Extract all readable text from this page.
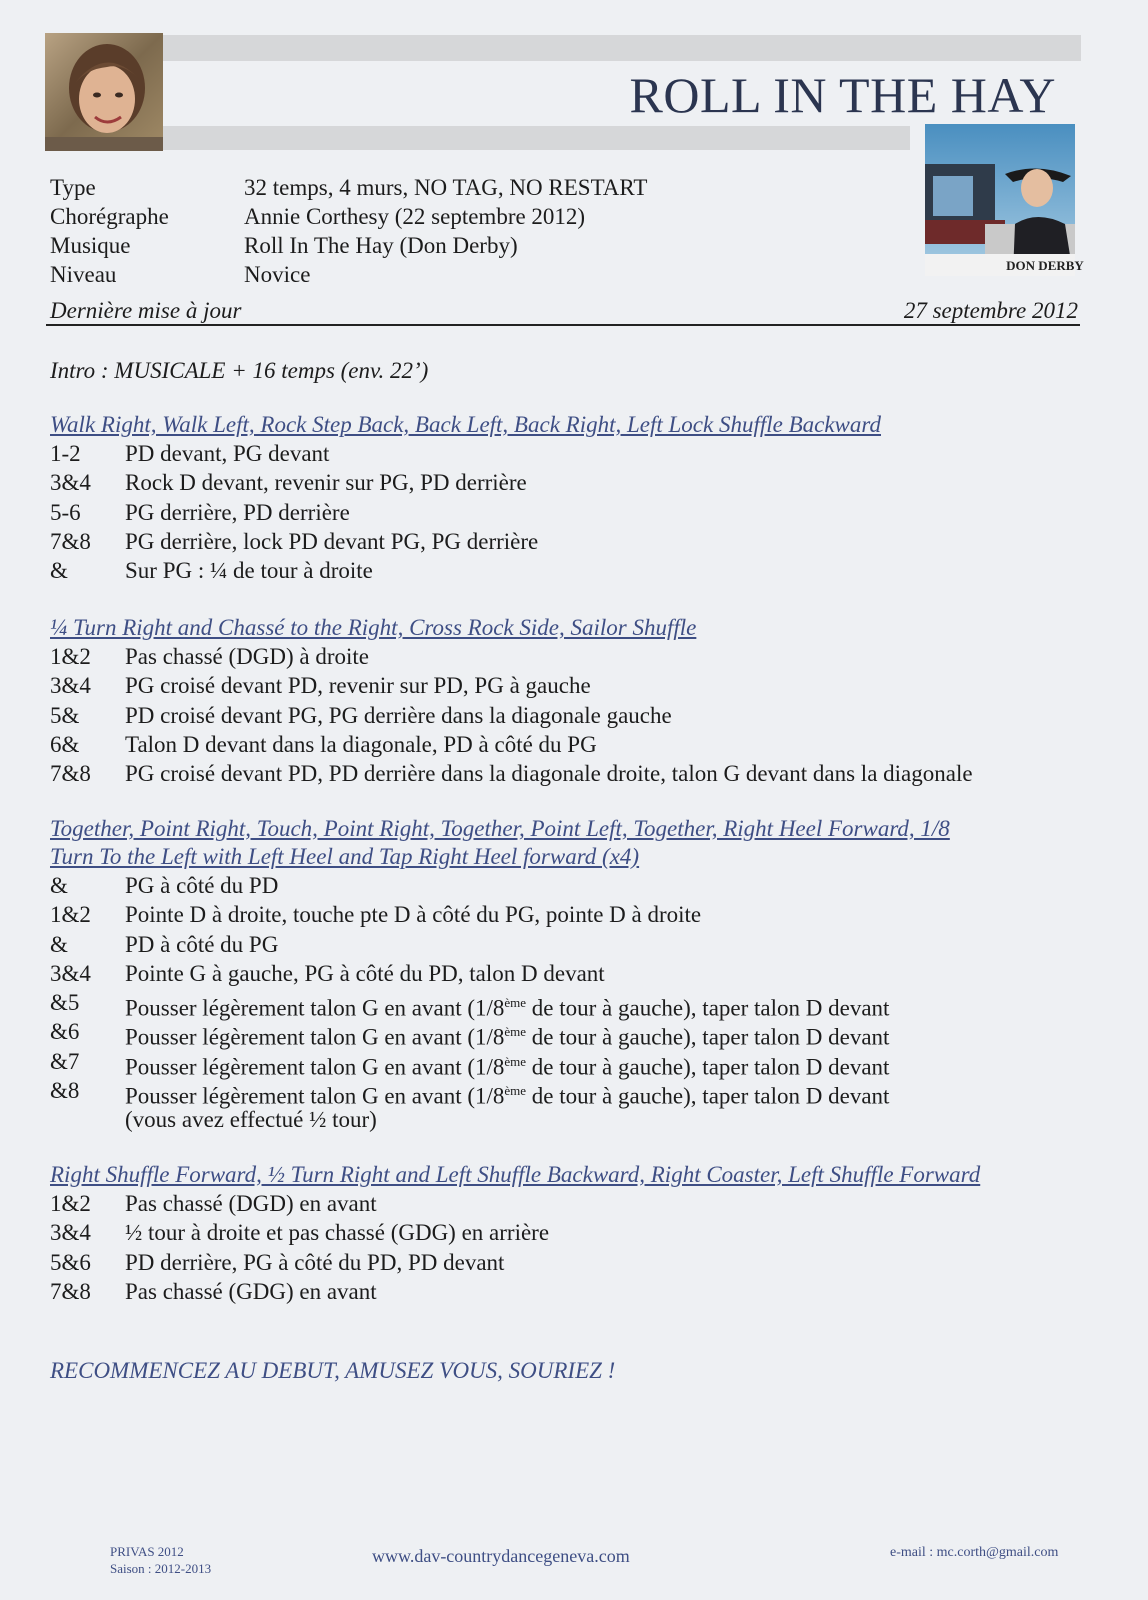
ROLL IN THE HAY
DON DERBY
Type	32 temps, 4 murs, NO TAG, NO RESTART
Chorégraphe	Annie Corthesy (22 septembre 2012)
Musique	Roll In The Hay (Don Derby)
Niveau	Novice
Dernière mise à jour	27 septembre 2012
Intro : MUSICALE + 16 temps (env. 22’)
Walk Right, Walk Left, Rock Step Back, Back Left, Back Right, Left Lock Shuffle Backward
1-2 PD devant, PG devant
3&4 Rock D devant, revenir sur PG, PD derrière
5-6 PG derrière, PD derrière
7&8 PG derrière, lock PD devant PG, PG derrière
& Sur PG : ¼ de tour à droite
¼ Turn Right and Chassé to the Right, Cross Rock Side, Sailor Shuffle
1&2 Pas chassé (DGD) à droite
3&4 PG croisé devant PD, revenir sur PD, PG à gauche
5& PD croisé devant PG, PG derrière dans la diagonale gauche
6& Talon D devant dans la diagonale, PD à côté du PG
7&8 PG croisé devant PD, PD derrière dans la diagonale droite, talon G devant dans la diagonale
Together, Point Right, Touch, Point Right, Together, Point Left, Together, Right Heel Forward, 1/8
Turn To the Left with Left Heel and Tap Right Heel forward (x4)
& PG à côté du PD
1&2 Pointe D à droite, touche pte D à côté du PG, pointe D à droite
& PD à côté du PG
3&4 Pointe G à gauche, PG à côté du PD, talon D devant
&5 Pousser légèrement talon G en avant (1/8ème de tour à gauche), taper talon D devant
&6 Pousser légèrement talon G en avant (1/8ème de tour à gauche), taper talon D devant
&7 Pousser légèrement talon G en avant (1/8ème de tour à gauche), taper talon D devant
&8 Pousser légèrement talon G en avant (1/8ème de tour à gauche), taper talon D devant
(vous avez effectué ½ tour)
Right Shuffle Forward, ½ Turn Right and Left Shuffle Backward, Right Coaster, Left Shuffle Forward
1&2 Pas chassé (DGD) en avant
3&4 ½ tour à droite et pas chassé (GDG) en arrière
5&6 PD derrière, PG à côté du PD, PD devant
7&8 Pas chassé (GDG) en avant
RECOMMENCEZ AU DEBUT, AMUSEZ VOUS, SOURIEZ !
PRIVAS 2012
Saison : 2012-2013
www.dav-countrydancegeneva.com	e-mail : mc.corth@gmail.com
